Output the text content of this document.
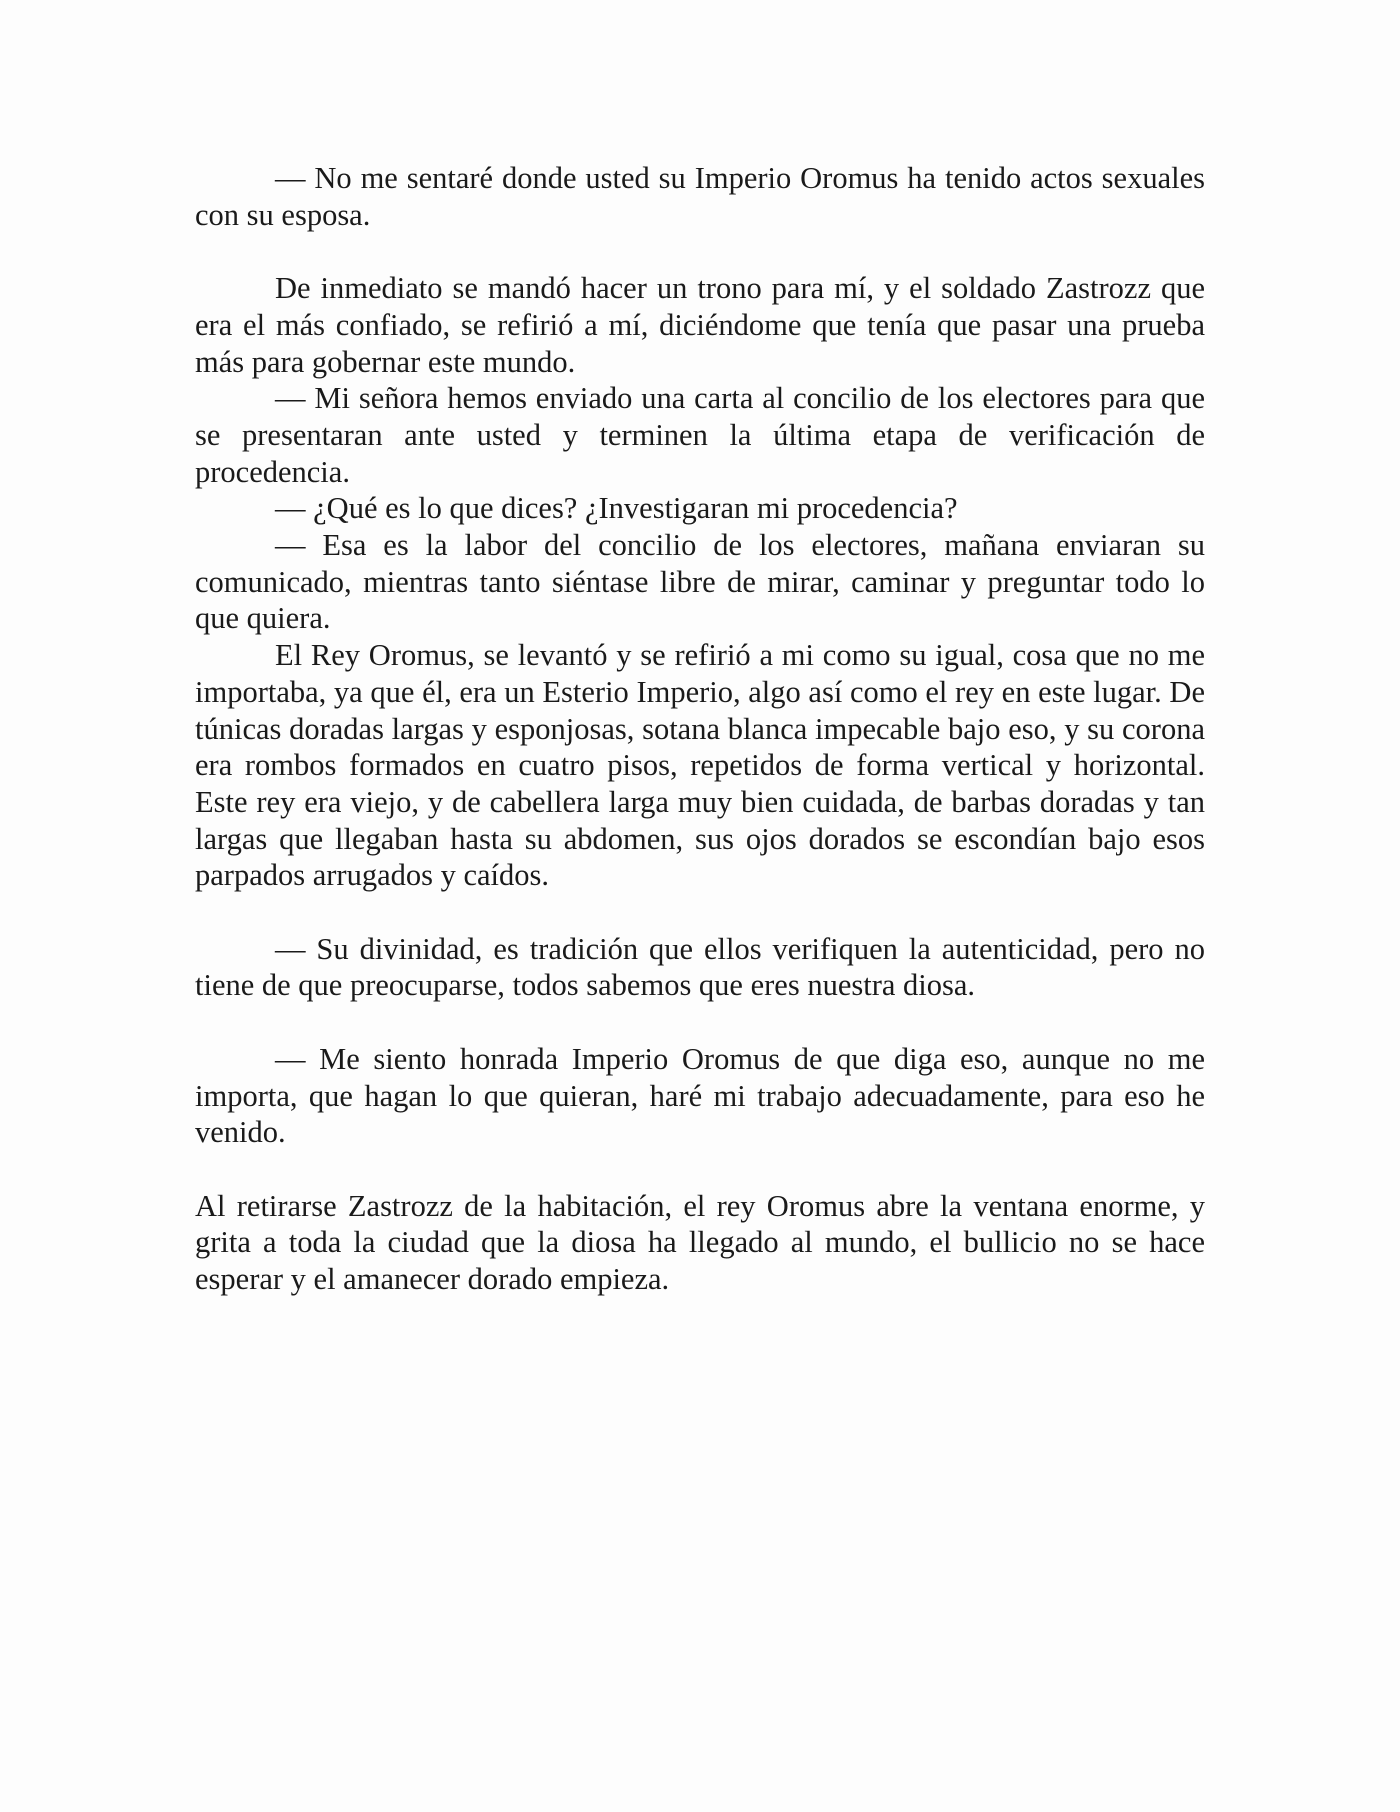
— No me sentaré donde usted su Imperio Oromus ha tenido actos sexuales con su esposa.

De inmediato se mandó hacer un trono para mí, y el soldado Zastrozz que era el más confiado, se refirió a mí, diciéndome que tenía que pasar una prueba más para gobernar este mundo.

— Mi señora hemos enviado una carta al concilio de los electores para que se presentaran ante usted y terminen la última etapa de verificación de procedencia.

— ¿Qué es lo que dices? ¿Investigaran mi procedencia?

— Esa es la labor del concilio de los electores, mañana enviaran su comunicado, mientras tanto siéntase libre de mirar, caminar y preguntar todo lo que quiera.

El Rey Oromus, se levantó y se refirió a mi como su igual, cosa que no me importaba, ya que él, era un Esterio Imperio, algo así como el rey en este lugar. De túnicas doradas largas y esponjosas, sotana blanca impecable bajo eso, y su corona era rombos formados en cuatro pisos, repetidos de forma vertical y horizontal. Este rey era viejo, y de cabellera larga muy bien cuidada, de barbas doradas y tan largas que llegaban hasta su abdomen, sus ojos dorados se escondían bajo esos parpados arrugados y caídos.

— Su divinidad, es tradición que ellos verifiquen la autenticidad, pero no tiene de que preocuparse, todos sabemos que eres nuestra diosa.

— Me siento honrada Imperio Oromus de que diga eso, aunque no me importa, que hagan lo que quieran, haré mi trabajo adecuadamente, para eso he venido.

Al retirarse Zastrozz de la habitación, el rey Oromus abre la ventana enorme, y grita a toda la ciudad que la diosa ha llegado al mundo, el bullicio no se hace esperar y el amanecer dorado empieza.
